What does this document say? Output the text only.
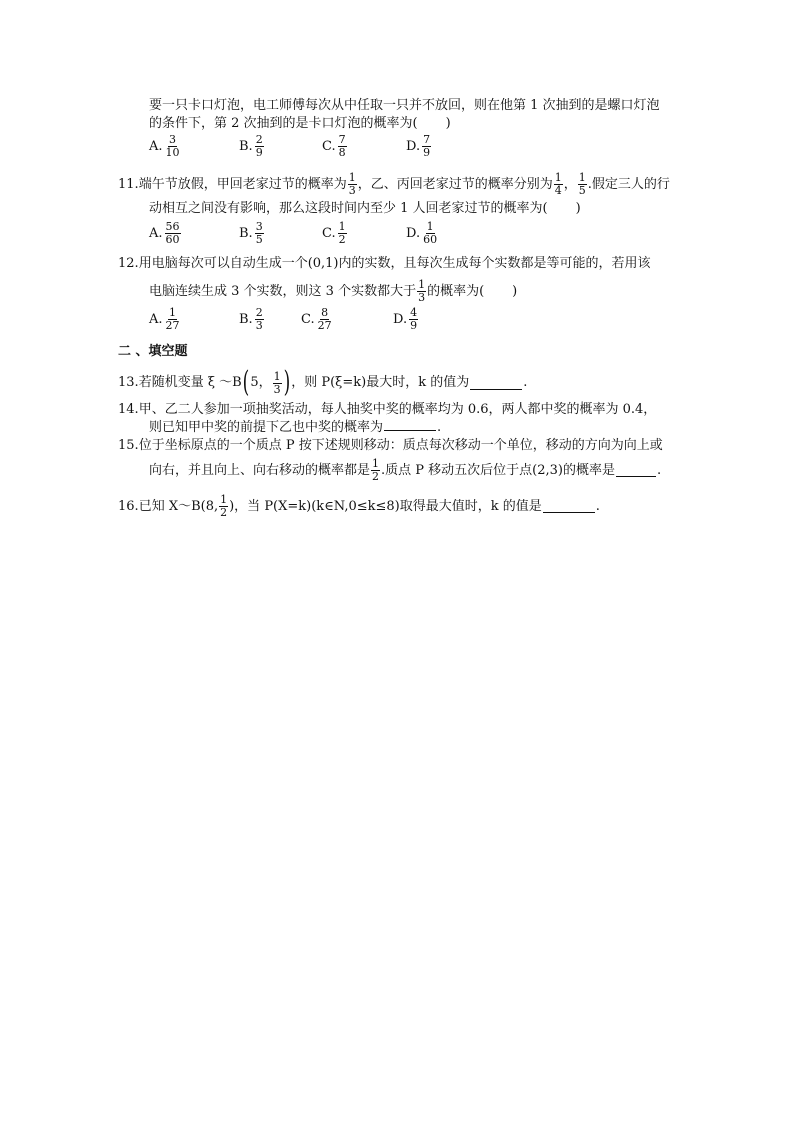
要一只卡口灯泡，电工师傅每次从中任取一只并不放回，则在他第 1 次抽到的是螺口灯泡
的条件下，第 2 次抽到的是卡口灯泡的概率为( )
A. $\frac{3}{10}$	B. $\frac{2}{9}$	C. $\frac{7}{8}$	D. $\frac{7}{9}$
11. 端午节放假，甲回老家过节的概率为 $\frac{1}{3}$ ，乙、丙回老家过节的概率分别为 $\frac{1}{4}$ ， $\frac{1}{5}$ .假定三人的行
动相互之间没有影响，那么这段时间内至少 1 人回老家过节的概率为( )
A. $\frac{56}{60}$	B. $\frac{3}{5}$	C. $\frac{1}{2}$	D. $\frac{1}{60}$
12.用电脑每次可以自动生成一个(0,1)内的实数，且每次生成每个实数都是等可能的，若用该
电脑连续生成 3 个实数，则这 3 个实数都大于 $\frac{1}{3}$ 的概率为( )
A. $\frac{1}{27}$	B. $\frac{2}{3}$	C. $\frac{8}{27}$	D. $\frac{4}{9}$
二 、填空题
13. 若随机变量 ξ ～B ( 5， $\frac{1}{3}$ ) ，则 P(ξ=k)最大时，k 的值为	.
14.甲、乙二人参加一项抽奖活动，每人抽奖中奖的概率均为 0.6，两人都中奖的概率为 0.4，
则已知甲中奖的前提下乙也中奖的概率为	.
15.位于坐标原点的一个质点 P 按下述规则移动：质点每次移动一个单位，移动的方向为向上或
向右，并且向上、向右移动的概率都是 $\frac{1}{2}$ .质点 P 移动五次后位于点(2,3)的概率是	.
16. 已知 X～B(8, $\frac{1}{2}$ )，当 P(X=k)(k∈N,0≤k≤8)取得最大值时，k 的值是	.
